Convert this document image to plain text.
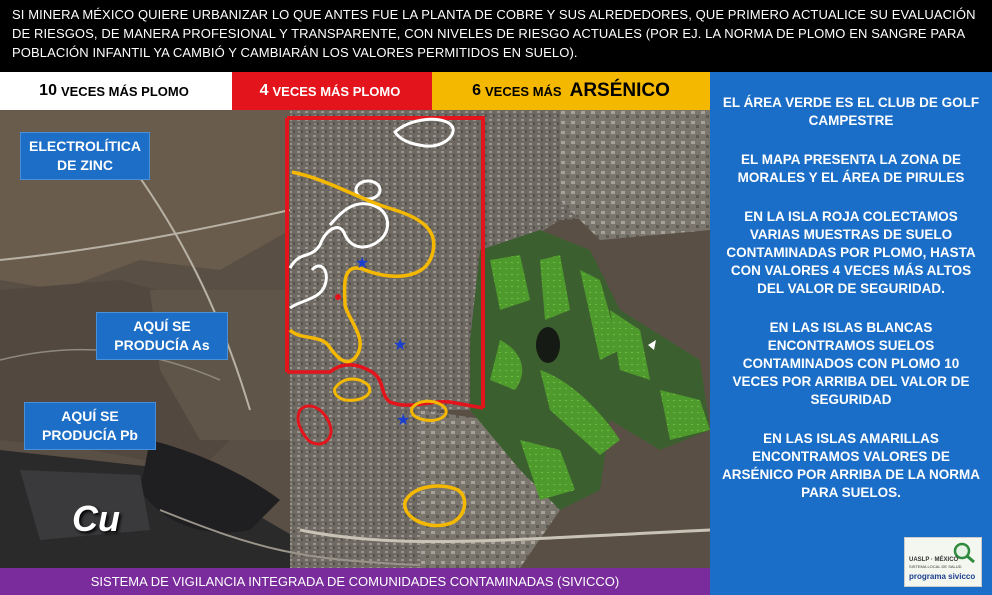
SI MINERA MÉXICO QUIERE URBANIZAR LO QUE ANTES FUE LA PLANTA DE COBRE Y SUS ALREDEDORES, QUE PRIMERO ACTUALICE SU EVALUACIÓN DE RIESGOS, DE MANERA PROFESIONAL Y TRANSPARENTE, CON NIVELES DE RIESGO ACTUALES (POR EJ. LA NORMA DE PLOMO EN SANGRE PARA POBLACIÓN INFANTIL YA CAMBIÓ Y CAMBIARÁN LOS VALORES PERMITIDOS EN SUELO).
10 VECES MÁS PLOMO	4 VECES MÁS PLOMO	6 VECES MÁS ARSÉNICO
★
★
★
ELECTROLÍTICA
DE ZINC
AQUÍ SE
PRODUCÍA As
AQUÍ SE
PRODUCÍA Pb
Cu

EL ÁREA VERDE ES EL CLUB DE GOLF CAMPESTRE

EL MAPA PRESENTA LA ZONA DE MORALES Y EL ÁREA DE PIRULES

EN LA ISLA ROJA COLECTAMOS VARIAS MUESTRAS DE SUELO CONTAMINADAS POR PLOMO, HASTA CON VALORES 4 VECES MÁS ALTOS DEL VALOR DE SEGURIDAD.

EN LAS ISLAS BLANCAS ENCONTRAMOS SUELOS CONTAMINADOS CON PLOMO 10 VECES POR ARRIBA DEL VALOR DE SEGURIDAD

EN LAS ISLAS AMARILLAS ENCONTRAMOS VALORES DE ARSÉNICO POR ARRIBA DE LA NORMA PARA SUELOS.

UASLP · MÉXICO
SISTEMA LOCAL DE SALUD
programa sivicco
SISTEMA DE VIGILANCIA INTEGRADA DE COMUNIDADES CONTAMINADAS (SIVICCO)
